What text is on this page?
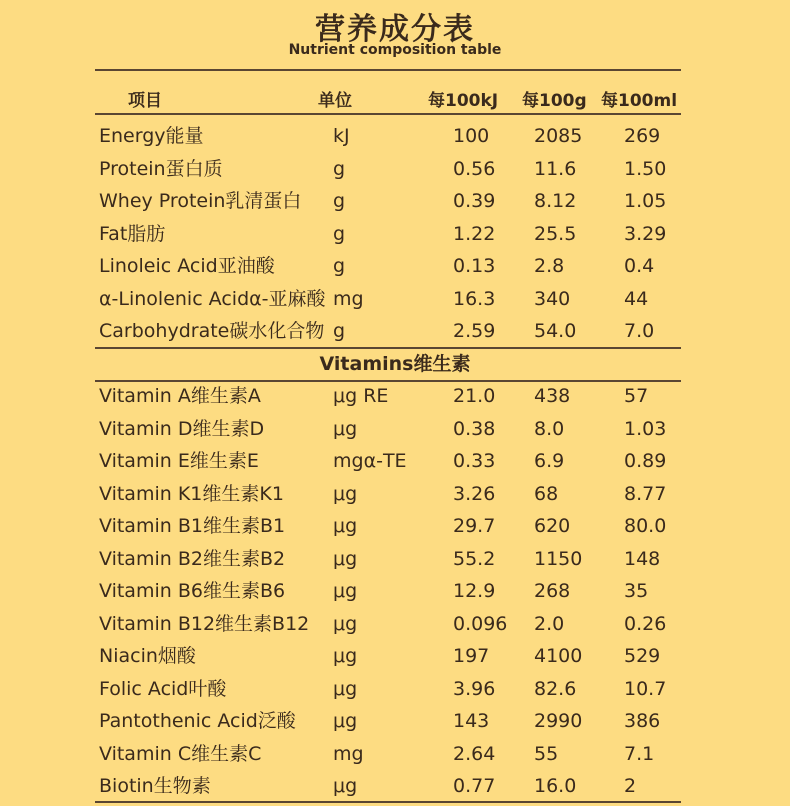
营养成分表
Nutrient composition table
项目	单位	每100kJ 每100g 每100ml
Energy能量	kJ	100 2085 269
Protein蛋白质	g	0.56 11.6	1.50
Whey Protein乳清蛋白 g	0.39 8.12	1.05
Fat脂肪	g	1.22 25.5	3.29
Linoleic Acid亚油酸	g	0.13 2.8	0.4
α-Linolenic Acidα-亚麻酸 mg	16.3 340	44
Carbohydrate碳水化合物 g	2.59 54.0	7.0
Vitamins维生素
Vitamin A维生素A	μg RE	21.0 438	57
Vitamin D维生素D	μg	0.38 8.0	1.03
Vitamin E维生素E	mgα-TE 0.33 6.9	0.89
Vitamin K1维生素K1	μg	3.26 68	8.77
Vitamin B1维生素B1	μg	29.7 620	80.0
Vitamin B2维生素B2	μg	55.2 1150 148
Vitamin B6维生素B6	μg	12.9 268	35
Vitamin B12维生素B12 μg	0.096 2.0	0.26
Niacin烟酸	μg	197 4100 529
Folic Acid叶酸	μg	3.96 82.6	10.7
Pantothenic Acid泛酸 μg	143 2990 386
Vitamin C维生素C	mg	2.64 55	7.1
Biotin生物素	μg	0.77 16.0	2
